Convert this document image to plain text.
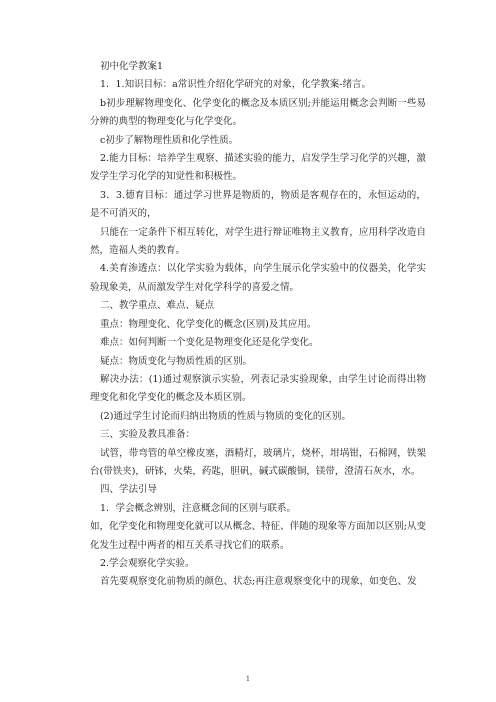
初中化学教案1

1．1.知识目标：a常识性介绍化学研究的对象，化学教案-绪言。

b初步理解物理变化、化学变化的概念及本质区别;并能运用概念会判断一些易分辨的典型的物理变化与化学变化。

c初步了解物理性质和化学性质。

2.能力目标：培养学生观察、描述实验的能力，启发学生学习化学的兴趣，激发学生学习化学的知觉性和积极性。

3．3.德育目标：通过学习世界是物质的，物质是客观存在的，永恒运动的，是不可消灭的，

只能在一定条件下相互转化，对学生进行辩证唯物主义教育，应用科学改造自然，造福人类的教育。

4.美育渗透点：以化学实验为载体，向学生展示化学实验中的仪器美，化学实验现象美，从而激发学生对化学科学的喜爱之情。

二、教学重点、难点、疑点

重点：物理变化、化学变化的概念(区别)及其应用。

难点：如何判断一个变化是物理变化还是化学变化。

疑点：物质变化与物质性质的区别。

解决办法：(1)通过观察演示实验，列表记录实验现象，由学生讨论而得出物理变化和化学变化的概念及本质区别。

(2)通过学生讨论而归纳出物质的性质与物质的变化的区别。

三、实验及教具准备：

试管，带弯管的单空橡皮塞，酒精灯，玻璃片，烧杯，坩埚钳，石棉网，铁架台(带铁夹)，研钵，火柴，药匙，胆矾，碱式碳酸铜，镁带，澄清石灰水，水。

四、学法引导

1．学会概念辨别，注意概念间的区别与联系。

如，化学变化和物理变化就可以从概念、特征、伴随的现象等方面加以区别;从变化发生过程中两者的相互关系寻找它们的联系。

2.学会观察化学实验。

首先要观察变化前物质的颜色、状态;再注意观察变化中的现象，如变色、发

1
